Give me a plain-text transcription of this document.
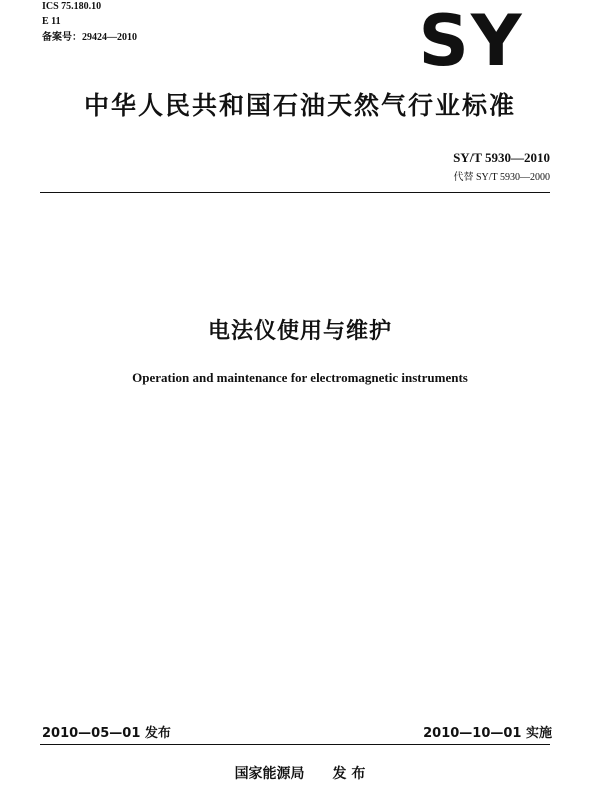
ICS 75.180.10
E 11
备案号：29424—2010	SY
中华人民共和国石油天然气行业标准
SY/T 5930—2010
代替 SY/T 5930—2000
电法仪使用与维护
Operation and maintenance for electromagnetic instruments
2010—05—01 发布	2010—10—01 实施
国家能源局　　发 布
